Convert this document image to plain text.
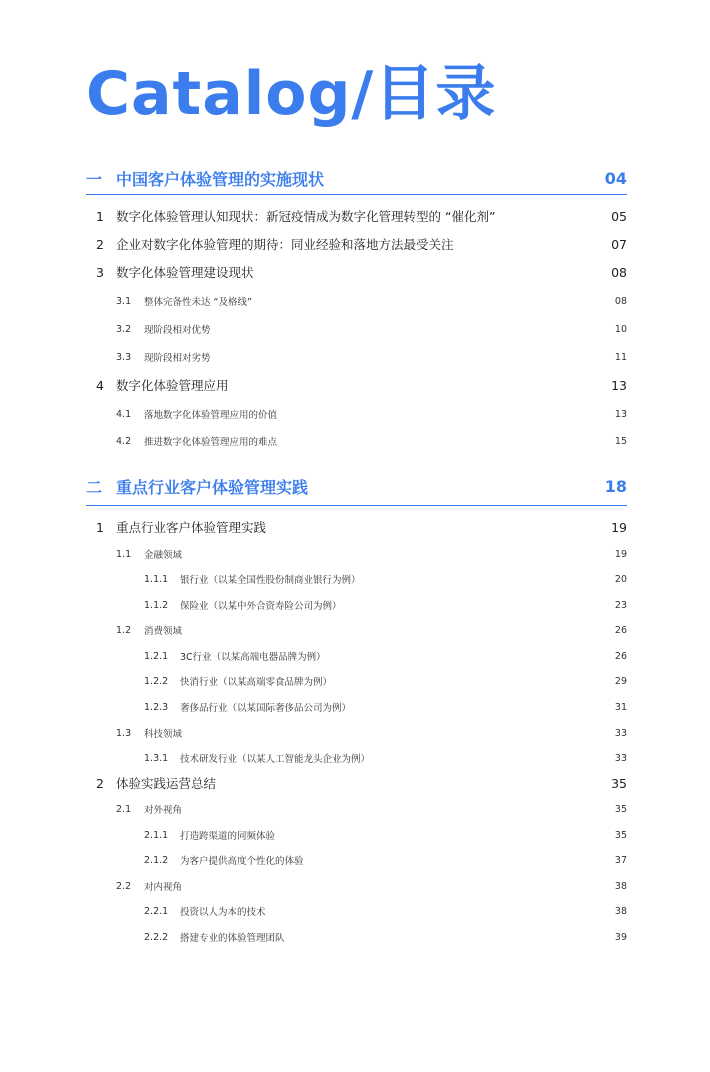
Catalog/目录
一 中国客户体验管理的实施现状	04
1 数字化体验管理认知现状：新冠疫情成为数字化管理转型的 “催化剂”	05
2 企业对数字化体验管理的期待：同业经验和落地方法最受关注	07
3 数字化体验管理建设现状	08
3.1	整体完备性未达 “及格线”	08
3.2	现阶段相对优势	10
3.3	现阶段相对劣势	11
4 数字化体验管理应用	13
4.1	落地数字化体验管理应用的价值	13
4.2	推进数字化体验管理应用的难点	15
二 重点行业客户体验管理实践	18
1 重点行业客户体验管理实践	19
1.1	金融领域	19
1.1.1	银行业（以某全国性股份制商业银行为例）	20
1.1.2	保险业（以某中外合资寿险公司为例）	23
1.2	消费领域	26
1.2.1	3C行业（以某高端电器品牌为例）	26
1.2.2	快消行业（以某高端零食品牌为例）	29
1.2.3	奢侈品行业（以某国际奢侈品公司为例）	31
1.3	科技领域	33
1.3.1	技术研发行业（以某人工智能龙头企业为例）	33
2 体验实践运营总结	35
2.1	对外视角	35
2.1.1	打造跨渠道的同频体验	35
2.1.2	为客户提供高度个性化的体验	37
2.2	对内视角	38
2.2.1	投资以人为本的技术	38
2.2.2	搭建专业的体验管理团队	39
